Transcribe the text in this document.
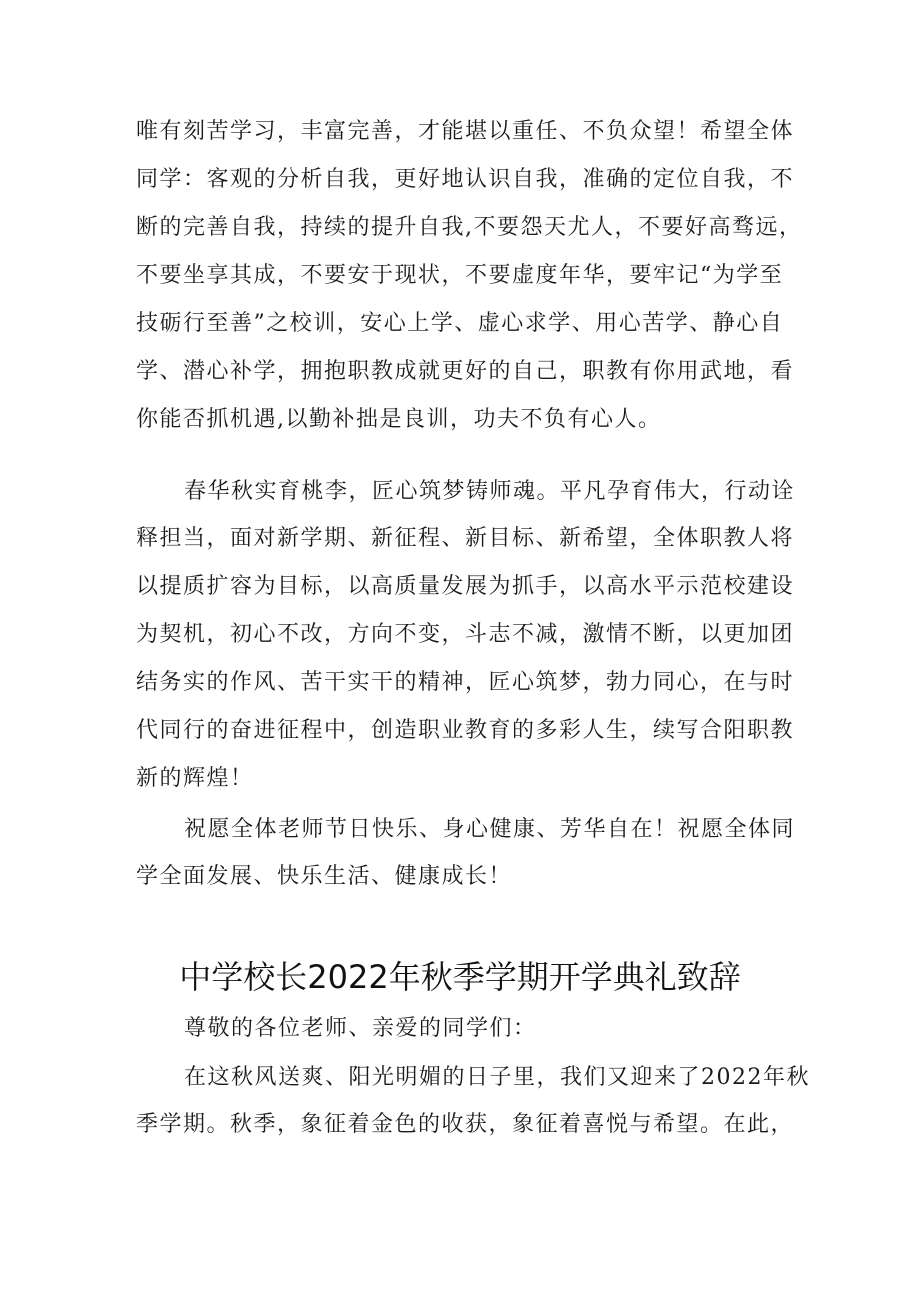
唯有刻苦学习，丰富完善，才能堪以重任、不负众望！希望全体
同学：客观的分析自我，更好地认识自我，准确的定位自我，不
断的完善自我，持续的提升自我,不要怨天尤人，不要好高骛远，
不要坐享其成，不要安于现状，不要虚度年华，要牢记“为学至
技砺行至善”之校训，安心上学、虚心求学、用心苦学、静心自
学、潜心补学，拥抱职教成就更好的自己，职教有你用武地，看
你能否抓机遇,以勤补拙是良训，功夫不负有心人。
春华秋实育桃李，匠心筑梦铸师魂。平凡孕育伟大，行动诠
释担当，面对新学期、新征程、新目标、新希望，全体职教人将
以提质扩容为目标，以高质量发展为抓手，以高水平示范校建设
为契机，初心不改，方向不变，斗志不减，激情不断，以更加团
结务实的作风、苦干实干的精神，匠心筑梦，勃力同心，在与时
代同行的奋进征程中，创造职业教育的多彩人生，续写合阳职教
新的辉煌！
祝愿全体老师节日快乐、身心健康、芳华自在！祝愿全体同
学全面发展、快乐生活、健康成长！
中学校长2022年秋季学期开学典礼致辞
尊敬的各位老师、亲爱的同学们：
在这秋风送爽、阳光明媚的日子里，我们又迎来了2022年秋
季学期。秋季，象征着金色的收获，象征着喜悦与希望。在此，
